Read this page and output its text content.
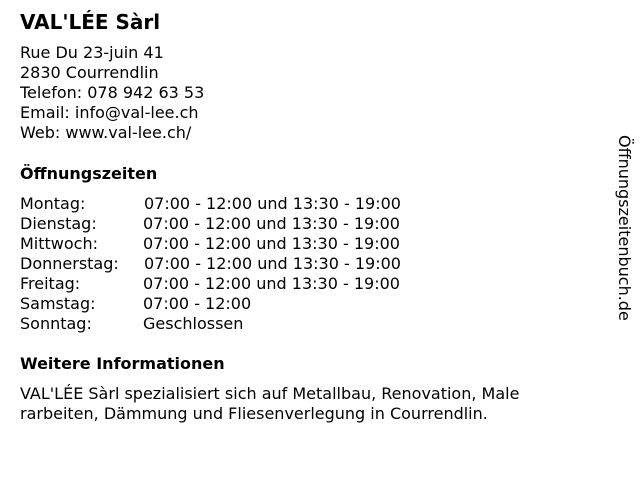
VAL'LÉE Sàrl
Rue Du 23-juin 41
2830 Courrendlin
Telefon: 078 942 63 53
Email: info@val-lee.ch
Web: www.val-lee.ch/
Öffnungszeiten
Montag:	07:00 - 12:00 und 13:30 - 19:00
Dienstag:	07:00 - 12:00 und 13:30 - 19:00
Mittwoch:	07:00 - 12:00 und 13:30 - 19:00
Donnerstag: 07:00 - 12:00 und 13:30 - 19:00
Freitag:	07:00 - 12:00 und 13:30 - 19:00
Samstag:	07:00 - 12:00
Sonntag:	Geschlossen
Weitere Informationen
VAL'LÉE Sàrl spezialisiert sich auf Metallbau, Renovation, Male
rarbeiten, Dämmung und Fliesenverlegung in Courrendlin.
Öffnungszeitenbuch.de
